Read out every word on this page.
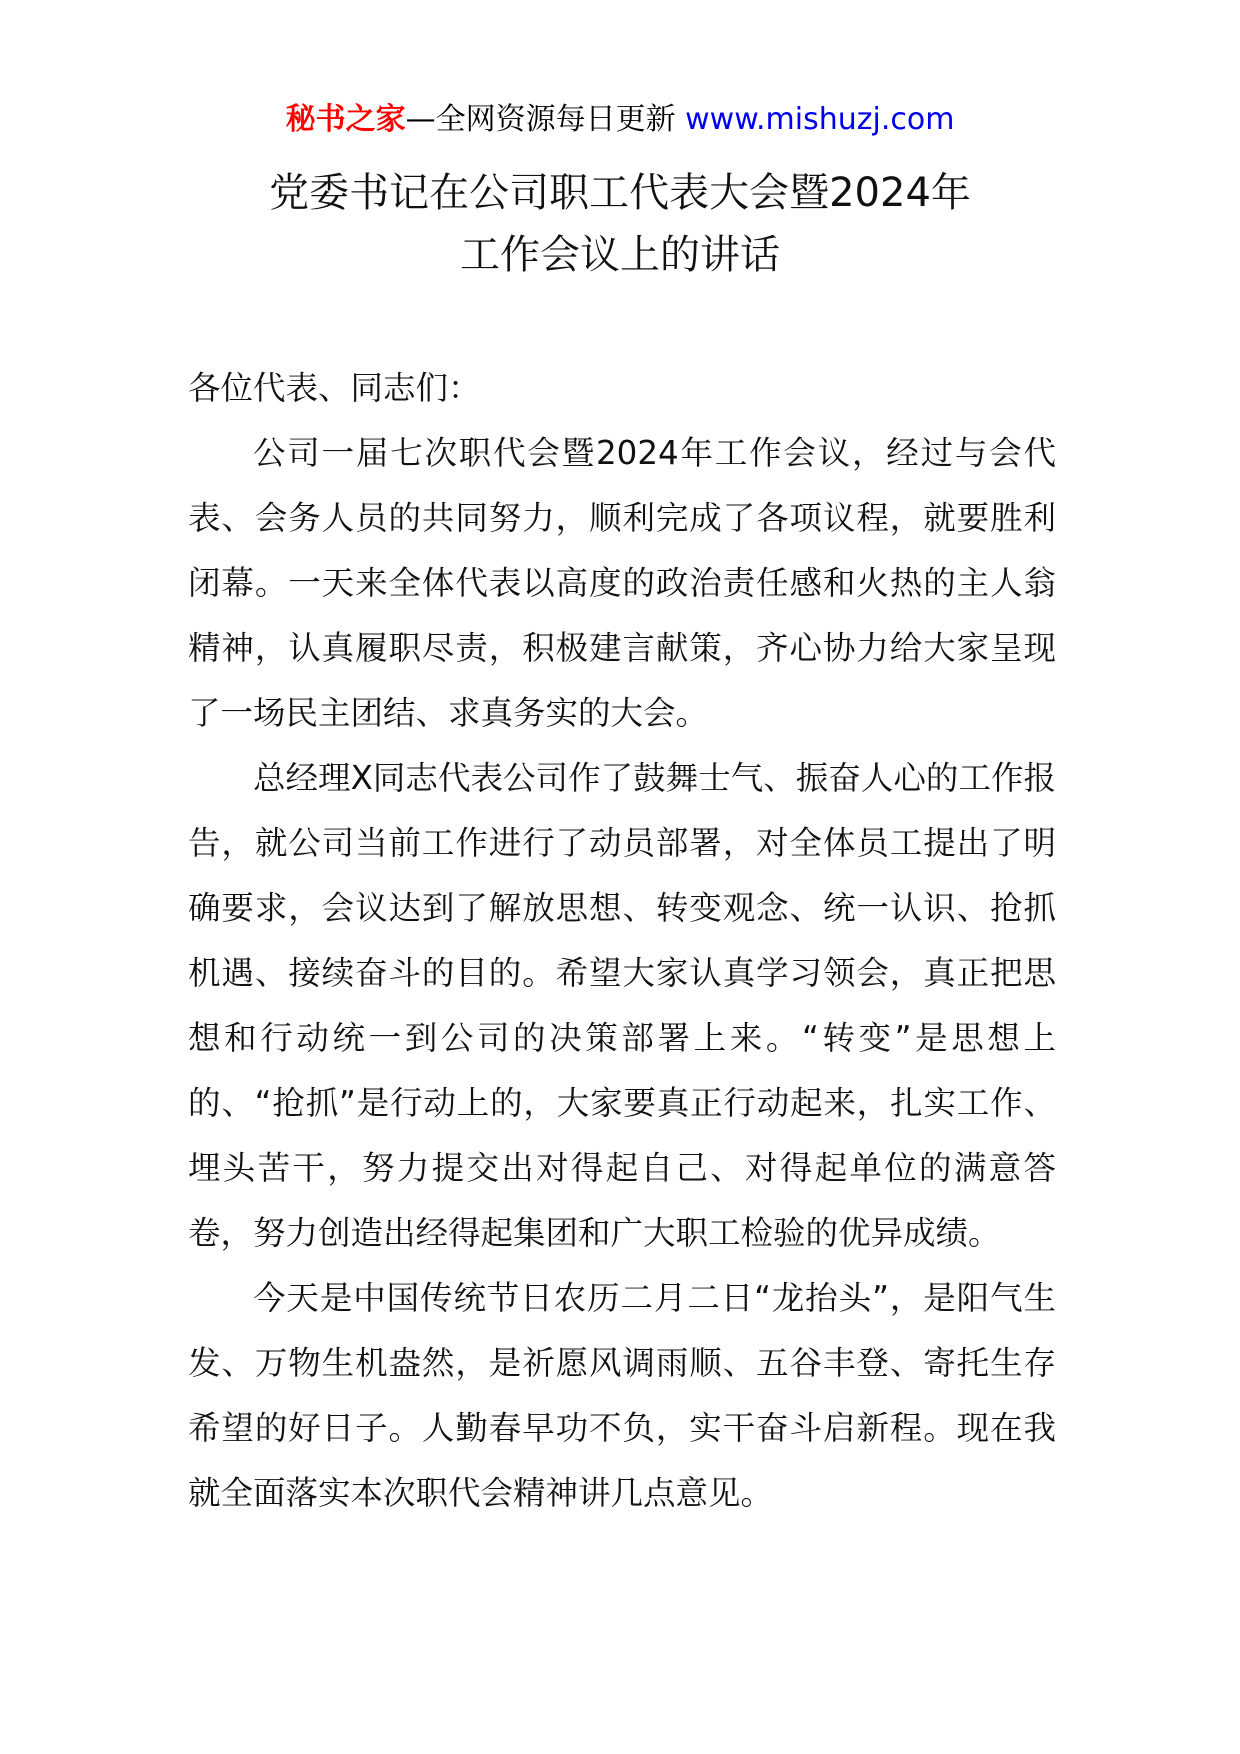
秘书之家—全网资源每日更新 www.mishuzj.com
党委书记在公司职工代表大会暨2024年
工作会议上的讲话

各位代表、同志们：

公司一届七次职代会暨2024年工作会议，经过与会代表、会务人员的共同努力，顺利完成了各项议程，就要胜利闭幕。一天来全体代表以高度的政治责任感和火热的主人翁精神，认真履职尽责，积极建言献策，齐心协力给大家呈现了一场民主团结、求真务实的大会。

总经理X同志代表公司作了鼓舞士气、振奋人心的工作报告，就公司当前工作进行了动员部署，对全体员工提出了明确要求，会议达到了解放思想、转变观念、统一认识、抢抓机遇、接续奋斗的目的。希望大家认真学习领会，真正把思想和行动统一到公司的决策部署上来。“转变”是思想上的、“抢抓”是行动上的，大家要真正行动起来，扎实工作、埋头苦干，努力提交出对得起自己、对得起单位的满意答卷，努力创造出经得起集团和广大职工检验的优异成绩。

今天是中国传统节日农历二月二日“龙抬头”，是阳气生发、万物生机盎然，是祈愿风调雨顺、五谷丰登、寄托生存希望的好日子。人勤春早功不负，实干奋斗启新程。现在我就全面落实本次职代会精神讲几点意见。
